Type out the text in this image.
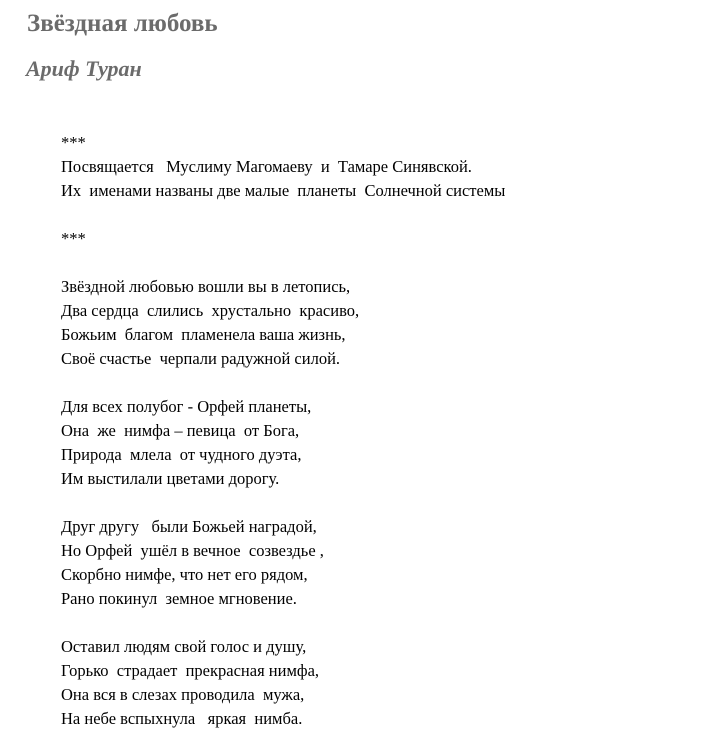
Звёздная любовь
Ариф Туран
***
Посвящается   Муслиму Магомаеву  и  Тамаре Синявской.
Их  именами названы две малые  планеты  Солнечной системы
***
Звёздной любовью вошли вы в летопись,
Два сердца  слились  хрустально  красиво,
Божьим  благом  пламенела ваша жизнь,
Своё счастье  черпали радужной силой.
Для всех полубог - Орфей планеты,
Она  же  нимфа – певица  от Бога,
Природа  млела  от чудного дуэта,
Им выстилали цветами дорогу.
Друг другу   были Божьей наградой,
Но Орфей  ушёл в вечное  созвездье ,
Скорбно нимфе, что нет его рядом,
Рано покинул  земное мгновение.
Оставил людям свой голос и душу,
Горько  страдает  прекрасная нимфа,
Она вся в слезах проводила  мужа,
На небе вспыхнула   яркая  нимба.
